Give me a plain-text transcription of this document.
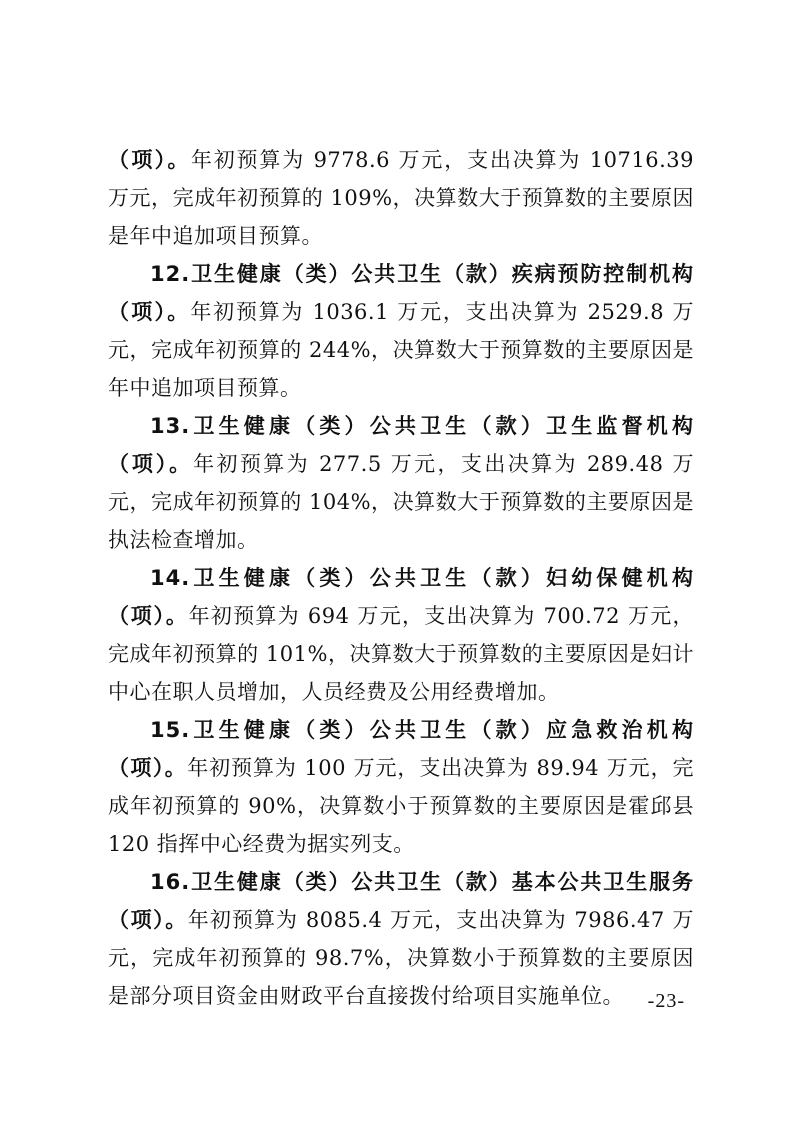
（项）。年初预算为 9778.6 万元，支出决算为 10716.39 万元，完成年初预算的 109%，决算数大于预算数的主要原因是年中追加项目预算。

12.卫生健康（类）公共卫生（款）疾病预防控制机构（项）。年初预算为 1036.1 万元，支出决算为 2529.8 万元，完成年初预算的 244%，决算数大于预算数的主要原因是年中追加项目预算。

13.卫生健康（类）公共卫生（款）卫生监督机构（项）。年初预算为 277.5 万元，支出决算为 289.48 万元，完成年初预算的 104%，决算数大于预算数的主要原因是执法检查增加。

14.卫生健康（类）公共卫生（款）妇幼保健机构（项）。年初预算为 694 万元，支出决算为 700.72 万元，完成年初预算的 101%，决算数大于预算数的主要原因是妇计中心在职人员增加，人员经费及公用经费增加。

15.卫生健康（类）公共卫生（款）应急救治机构（项）。年初预算为 100 万元，支出决算为 89.94 万元，完成年初预算的 90%，决算数小于预算数的主要原因是霍邱县 120 指挥中心经费为据实列支。

16.卫生健康（类）公共卫生（款）基本公共卫生服务（项）。年初预算为 8085.4 万元，支出决算为 7986.47 万元，完成年初预算的 98.7%，决算数小于预算数的主要原因是部分项目资金由财政平台直接拨付给项目实施单位。	-23-
